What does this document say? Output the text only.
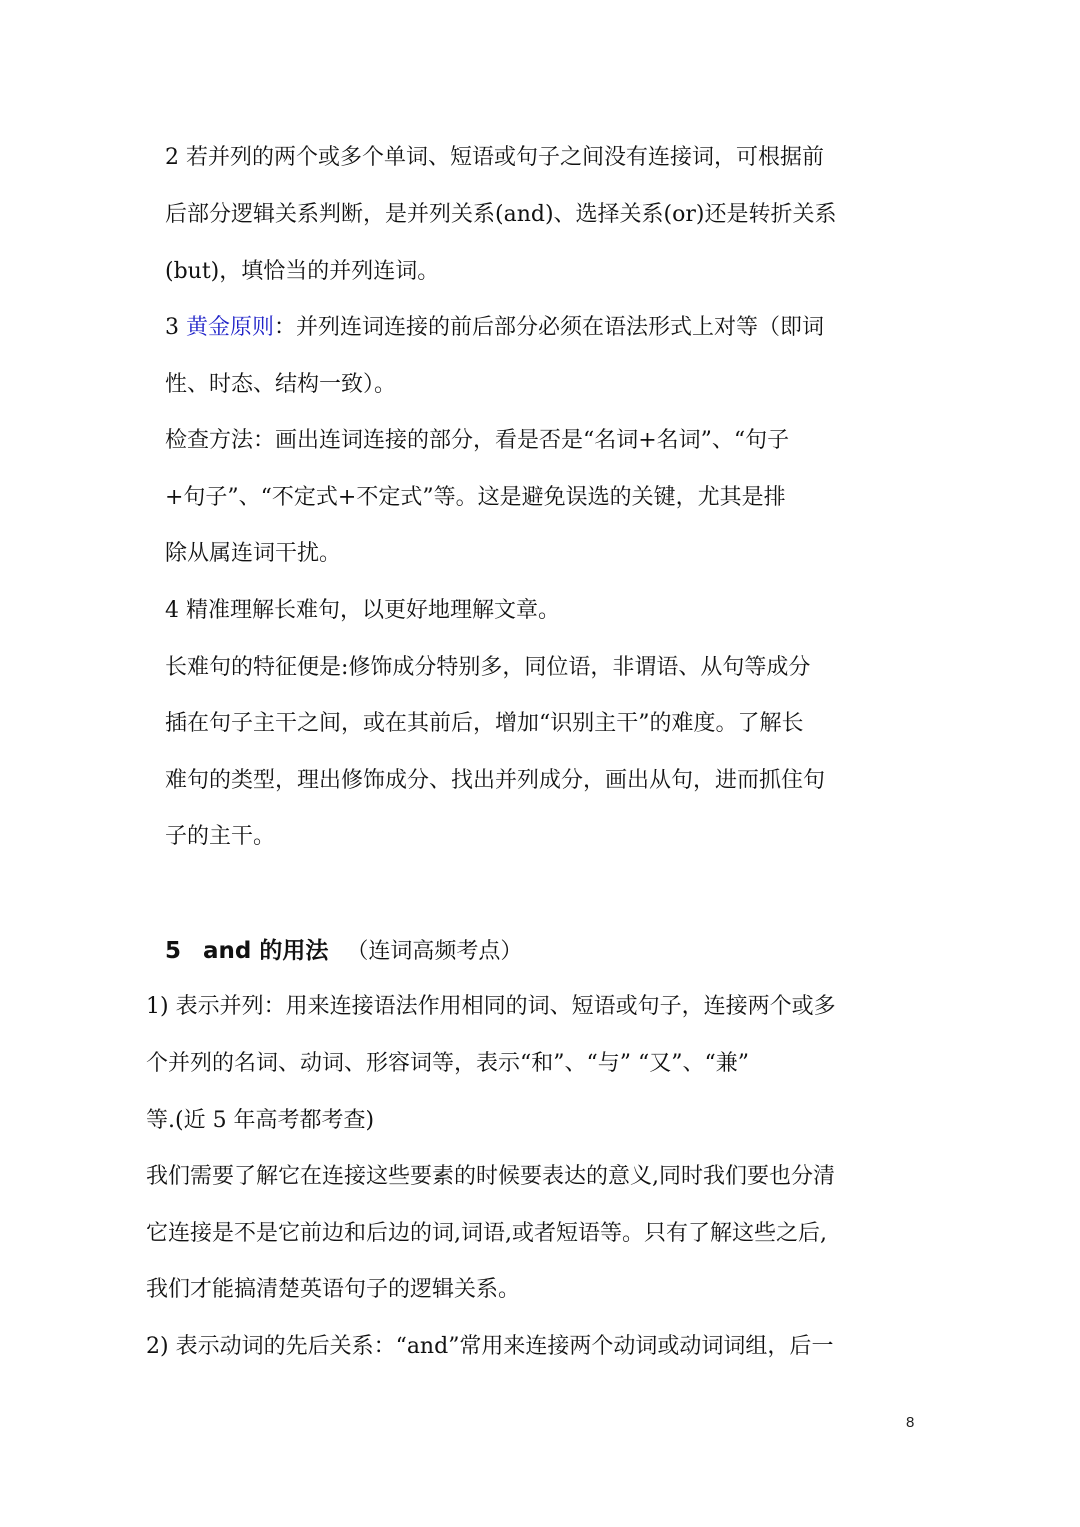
2 若并列的两个或多个单词、短语或句子之间没有连接词，可根据前
后部分逻辑关系判断，是并列关系(and)、选择关系(or)还是转折关系
(but)，填恰当的并列连词。
3 黄金原则：并列连词连接的前后部分必须在语法形式上对等（即词
性、时态、结构一致）。
检查方法：画出连词连接的部分，看是否是“名词+名词”、“句子
+句子”、“不定式+不定式”等。这是避免误选的关键，尤其是排
除从属连词干扰。
4 精准理解长难句，以更好地理解文章。
长难句的特征便是:修饰成分特别多，同位语，非谓语、从句等成分
插在句子主干之间，或在其前后，增加“识别主干”的难度。了解长
难句的类型，理出修饰成分、找出并列成分，画出从句，进而抓住句
子的主干。
5 and 的用法 （连词高频考点）
1) 表示并列：用来连接语法作用相同的词、短语或句子，连接两个或多
个并列的名词、动词、形容词等，表示“和”、“与” “又”、“兼”
等.(近 5 年高考都考查)
我们需要了解它在连接这些要素的时候要表达的意义,同时我们要也分清
它连接是不是它前边和后边的词,词语,或者短语等。只有了解这些之后,
我们才能搞清楚英语句子的逻辑关系。
2) 表示动词的先后关系：“and”常用来连接两个动词或动词词组，后一
8
